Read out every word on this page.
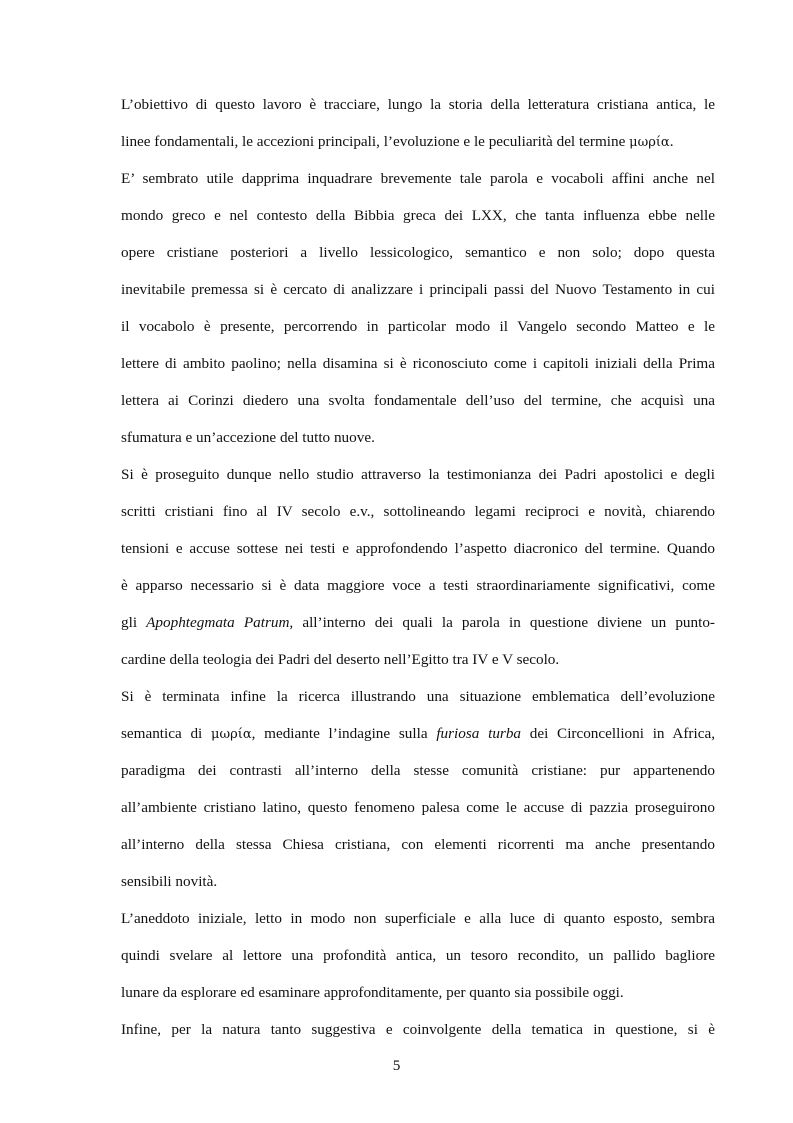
L’obiettivo di questo lavoro è tracciare, lungo la storia della letteratura cristiana antica, le
linee fondamentali, le accezioni principali, l’evoluzione e le peculiarità del termine μωρία.
E’ sembrato utile dapprima inquadrare brevemente tale parola e vocaboli affini anche nel
mondo greco e nel contesto della Bibbia greca dei LXX, che tanta influenza ebbe nelle
opere cristiane posteriori a livello lessicologico, semantico e non solo; dopo questa
inevitabile premessa si è cercato di analizzare i principali passi del Nuovo Testamento in cui
il vocabolo è presente, percorrendo in particolar modo il Vangelo secondo Matteo e le
lettere di ambito paolino; nella disamina si è riconosciuto come i capitoli iniziali della Prima
lettera ai Corinzi diedero una svolta fondamentale dell’uso del termine, che acquisì una
sfumatura e un’accezione del tutto nuove.
Si è proseguito dunque nello studio attraverso la testimonianza dei Padri apostolici e degli
scritti cristiani fino al IV secolo e.v., sottolineando legami reciproci e novità, chiarendo
tensioni e accuse sottese nei testi e approfondendo l’aspetto diacronico del termine. Quando
è apparso necessario si è data maggiore voce a testi straordinariamente significativi, come
gli Apophtegmata Patrum, all’interno dei quali la parola in questione diviene un punto-
cardine della teologia dei Padri del deserto nell’Egitto tra IV e V secolo.
Si è terminata infine la ricerca illustrando una situazione emblematica dell’evoluzione
semantica di μωρία, mediante l’indagine sulla furiosa turba dei Circoncellioni in Africa,
paradigma dei contrasti all’interno della stesse comunità cristiane: pur appartenendo
all’ambiente cristiano latino, questo fenomeno palesa come le accuse di pazzia proseguirono
all’interno della stessa Chiesa cristiana, con elementi ricorrenti ma anche presentando
sensibili novità.
L’aneddoto iniziale, letto in modo non superficiale e alla luce di quanto esposto, sembra
quindi svelare al lettore una profondità antica, un tesoro recondito, un pallido bagliore
lunare da esplorare ed esaminare approfonditamente, per quanto sia possibile oggi.
Infine, per la natura tanto suggestiva e coinvolgente della tematica in questione, si è
5
